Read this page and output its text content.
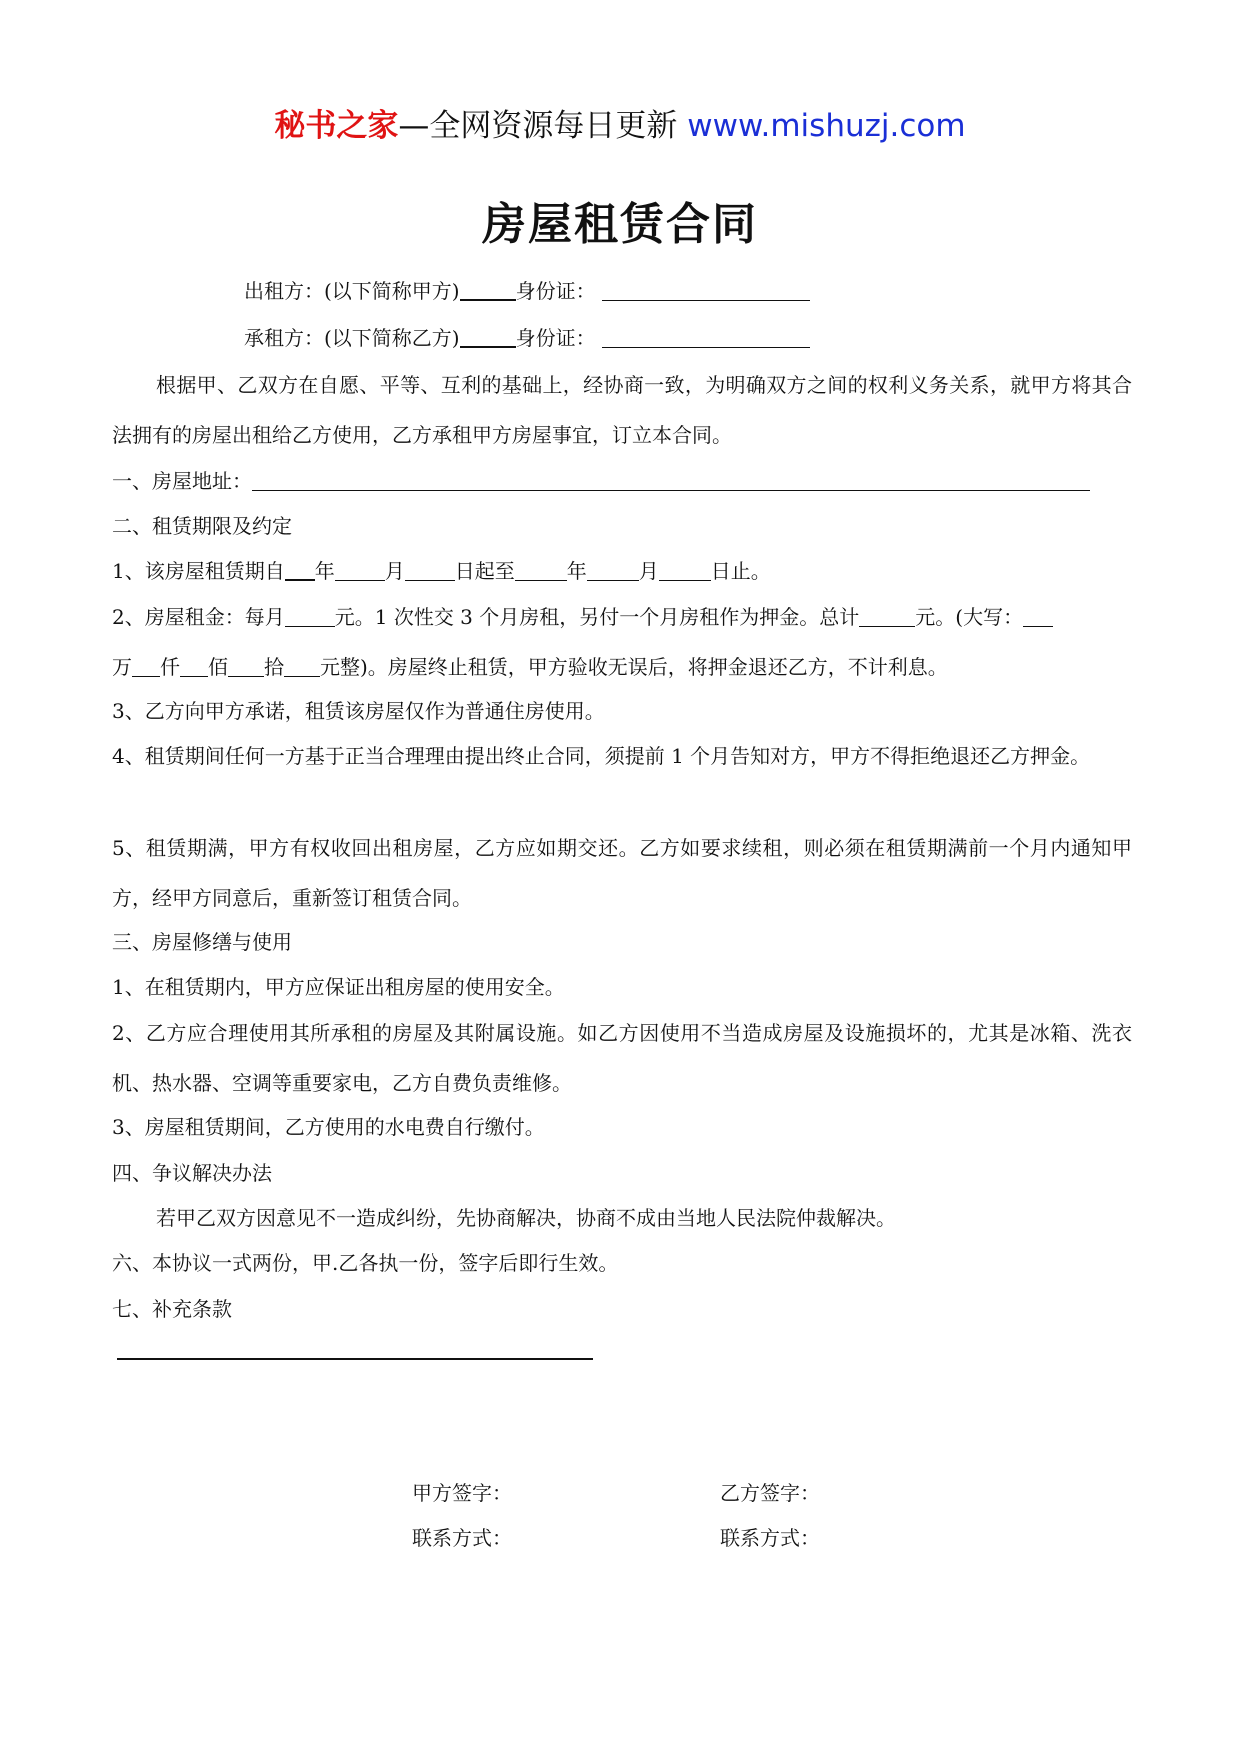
秘书之家—全网资源每日更新 www.mishuzj.com
房屋租赁合同
出租方：(以下简称甲方)	身份证：
承租方：(以下简称乙方)	身份证：
根据甲、乙双方在自愿、平等、互利的基础上，经协商一致，为明确双方之间的权利义务关系，就甲方将其合法拥有的房屋出租给乙方使用，乙方承租甲方房屋事宜，订立本合同。
一、房屋地址：
二、租赁期限及约定
1、该房屋租赁期自 年	月	日起至	年	月	日止。
2、房屋租金：每月	元。1 次性交 3 个月房租，另付一个月房租作为押金。总计	元。(大写：
万 仟 佰 拾 元整)。房屋终止租赁，甲方验收无误后，将押金退还乙方，不计利息。
3、乙方向甲方承诺，租赁该房屋仅作为普通住房使用。
4、租赁期间任何一方基于正当合理理由提出终止合同，须提前 1 个月告知对方，甲方不得拒绝退还乙方押金。
5、租赁期满，甲方有权收回出租房屋，乙方应如期交还。乙方如要求续租，则必须在租赁期满前一个月内通知甲方，经甲方同意后，重新签订租赁合同。
三、房屋修缮与使用
1、在租赁期内，甲方应保证出租房屋的使用安全。
2、乙方应合理使用其所承租的房屋及其附属设施。如乙方因使用不当造成房屋及设施损坏的，尤其是冰箱、洗衣机、热水器、空调等重要家电，乙方自费负责维修。
3、房屋租赁期间，乙方使用的水电费自行缴付。
四、争议解决办法
若甲乙双方因意见不一造成纠纷，先协商解决，协商不成由当地人民法院仲裁解决。
六、本协议一式两份，甲.乙各执一份，签字后即行生效。
七、补充条款
甲方签字：	乙方签字：
联系方式：	联系方式：
